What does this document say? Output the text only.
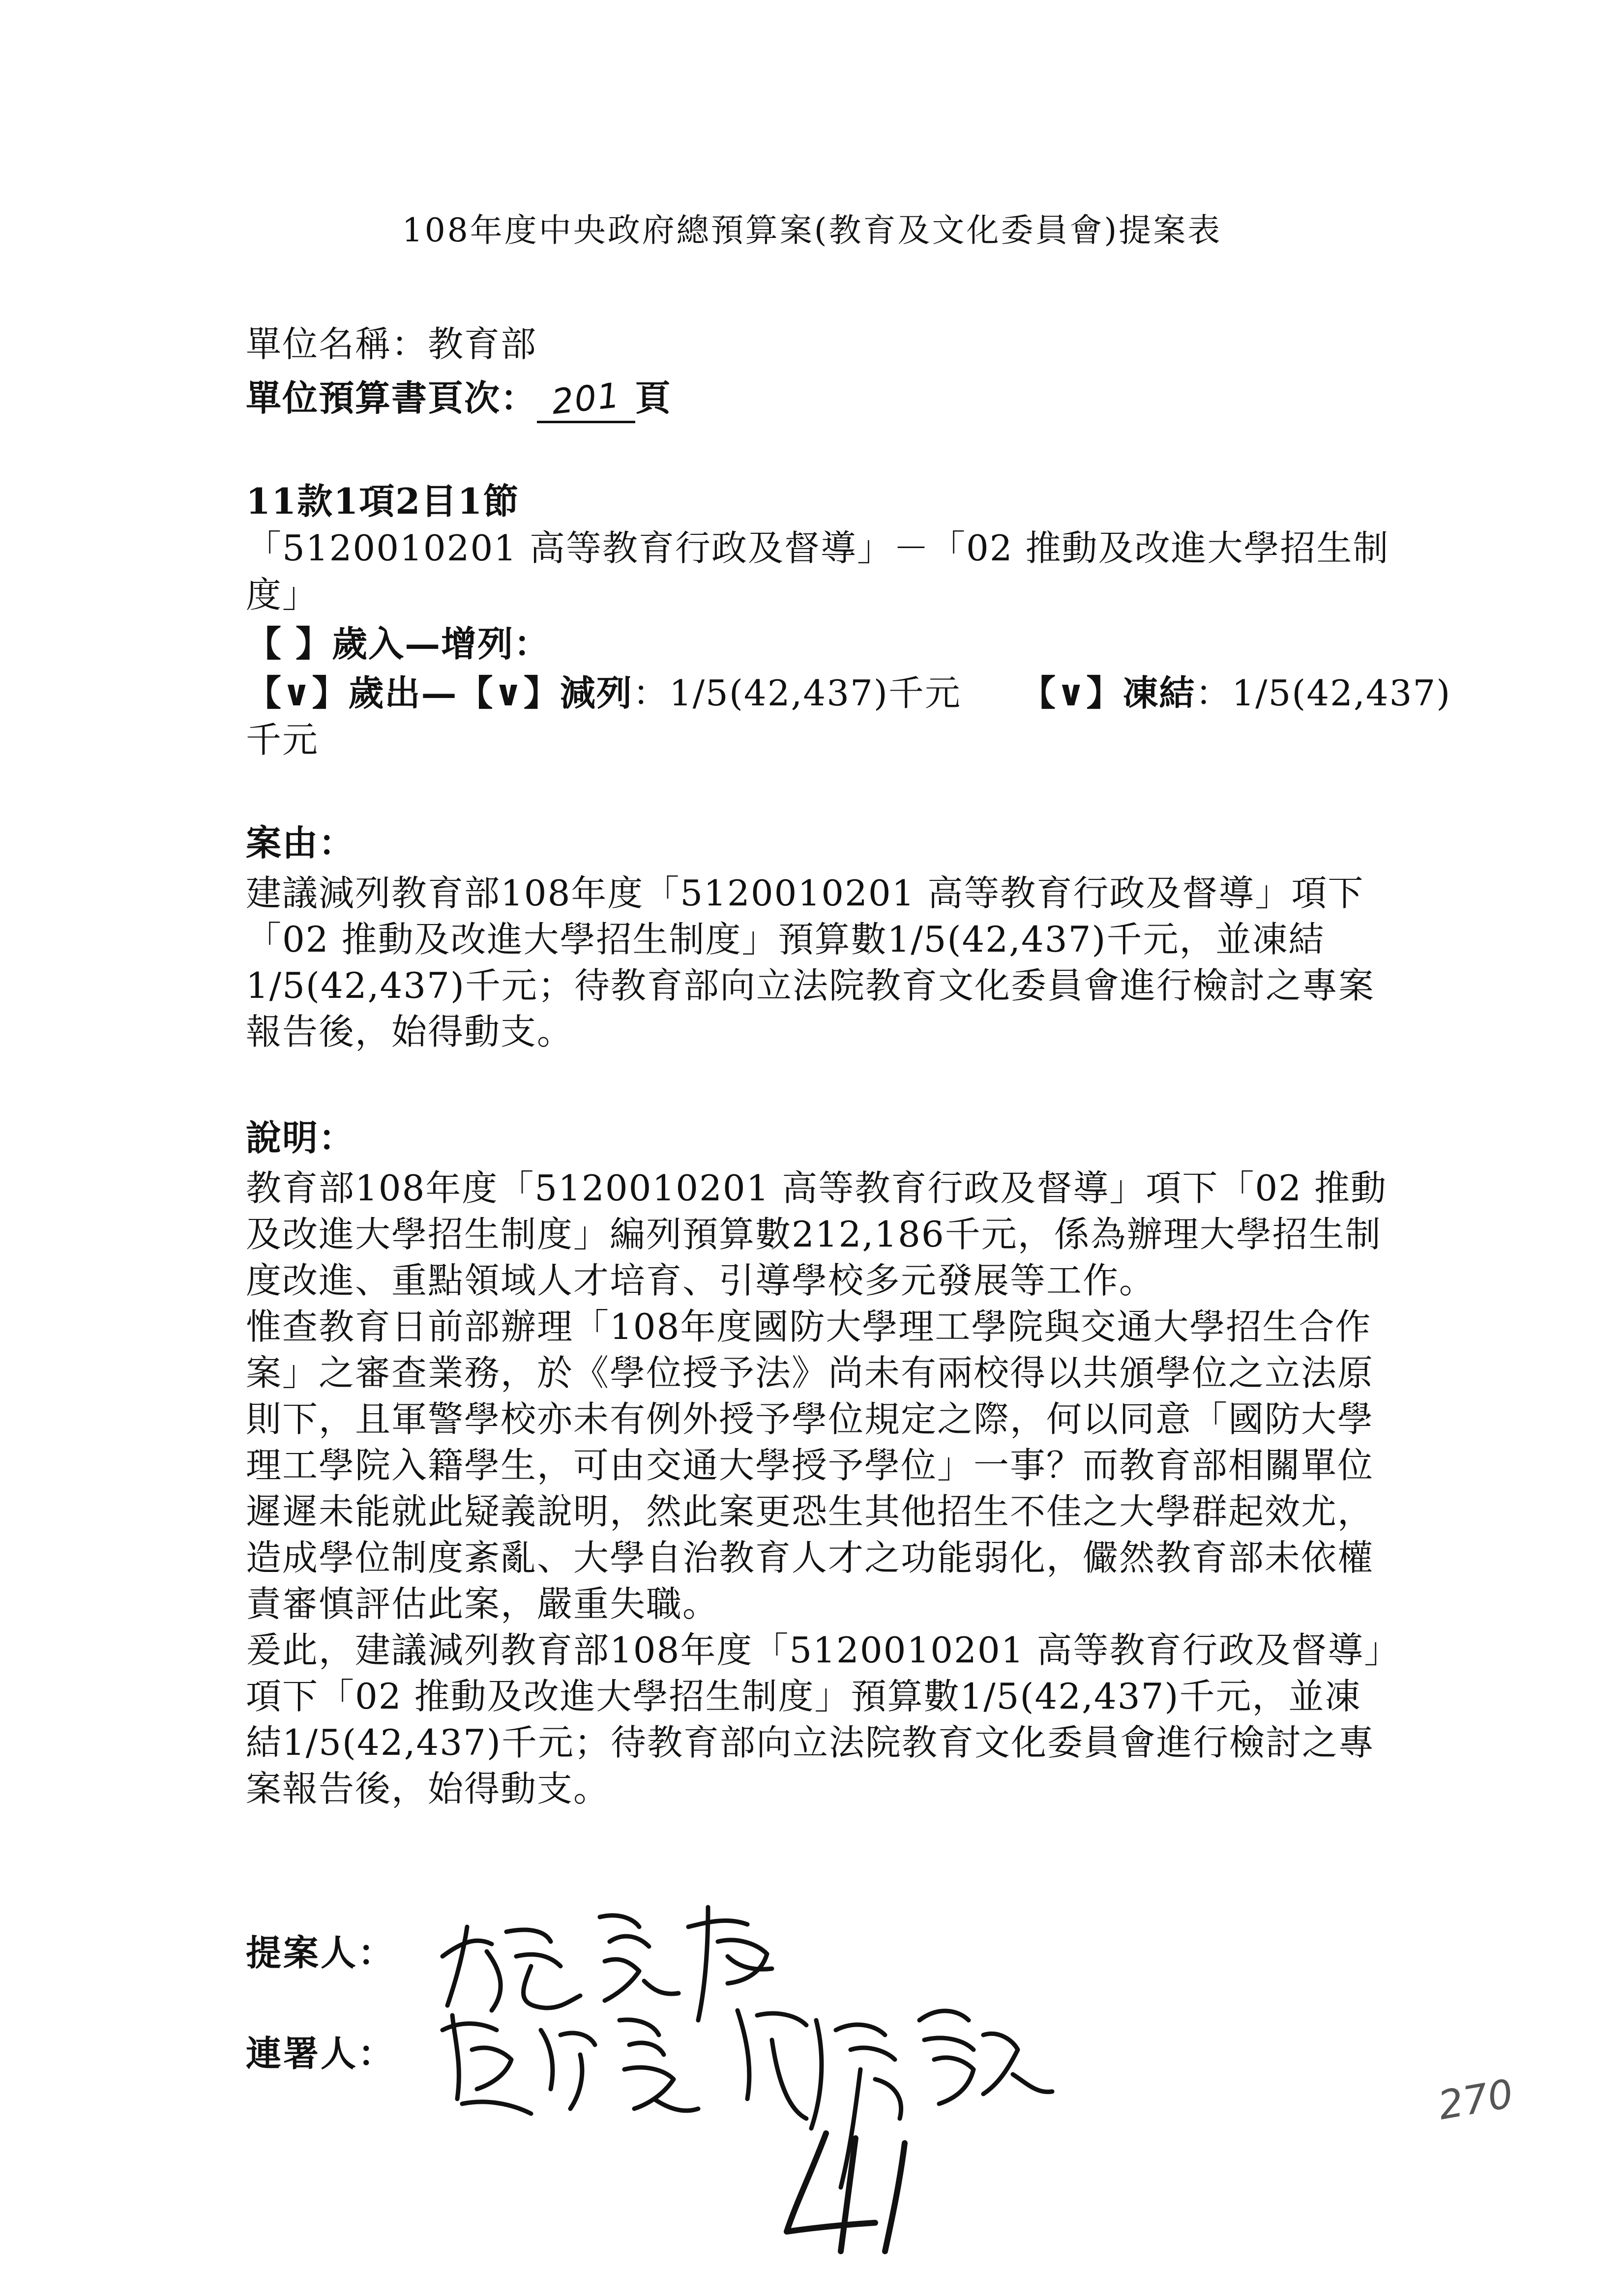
108年度中央政府總預算案(教育及文化委員會)提案表
單位名稱：教育部
單位預算書頁次： 201 頁
11款1項2目1節
「5120010201 高等教育行政及督導」－「02 推動及改進大學招生制
度」
【 】歲入—增列：
【∨】歲出—【∨】減列：1/5(42,437)千元 【∨】凍結：1/5(42,437)
千元
案由：

建議減列教育部108年度「5120010201 高等教育行政及督導」項下「02 推動及改進大學招生制度」預算數1/5(42,437)千元，並凍結1/5(42,437)千元；待教育部向立法院教育文化委員會進行檢討之專案報告後，始得動支。

說明：

教育部108年度「5120010201 高等教育行政及督導」項下「02 推動及改進大學招生制度」編列預算數212,186千元，係為辦理大學招生制度改進、重點領域人才培育、引導學校多元發展等工作。

惟查教育日前部辦理「108年度國防大學理工學院與交通大學招生合作案」之審查業務，於《學位授予法》尚未有兩校得以共頒學位之立法原則下，且軍警學校亦未有例外授予學位規定之際，何以同意「國防大學理工學院入籍學生，可由交通大學授予學位」一事？而教育部相關單位遲遲未能就此疑義說明，然此案更恐生其他招生不佳之大學群起效尤，造成學位制度紊亂、大學自治教育人才之功能弱化，儼然教育部未依權責審慎評估此案，嚴重失職。

爰此，建議減列教育部108年度「5120010201 高等教育行政及督導」項下「02 推動及改進大學招生制度」預算數1/5(42,437)千元，並凍結1/5(42,437)千元；待教育部向立法院教育文化委員會進行檢討之專案報告後，始得動支。

提案人：
連署人：
270
